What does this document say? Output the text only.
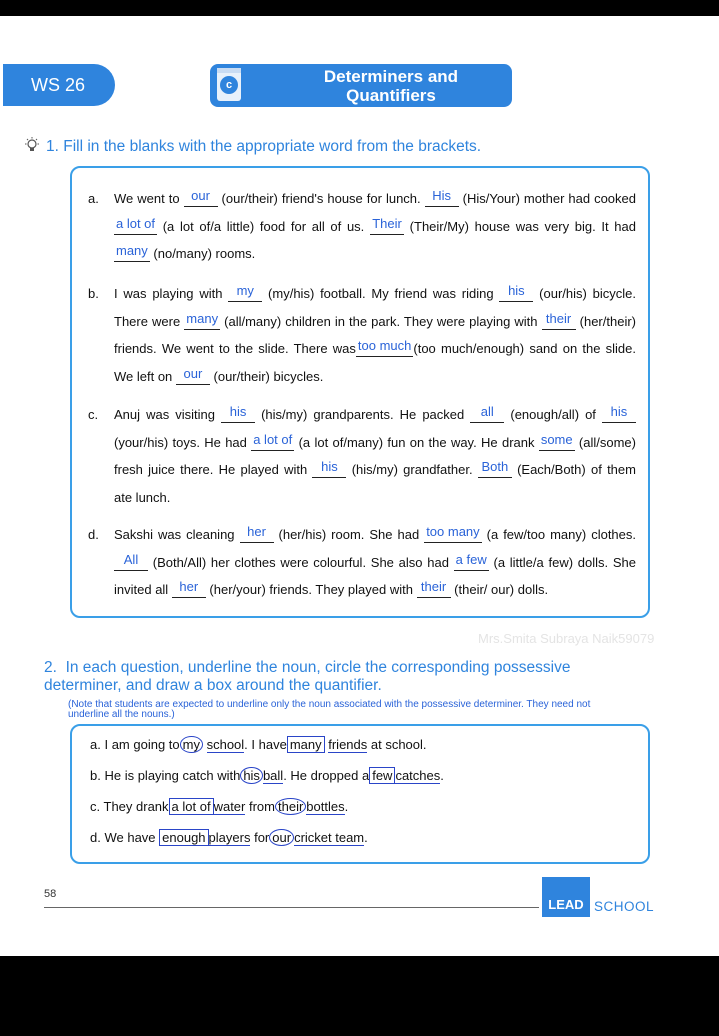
WS 26	c	Determiners and
Quantifiers
1. Fill in the blanks with the appropriate word from the brackets.
a. We went to our (our/their) friend's house for lunch. His (His/Your) mother had cooked a lot of (a lot of/a little) food for all of us. Their (Their/My) house was very big. It had many (no/many) rooms.
b. I was playing with my (my/his) football. My friend was riding his (our/his) bicycle. There were many (all/many) children in the park. They were playing with their (her/their) friends. We went to the slide. There was too much (too much/enough) sand on the slide. We left on our (our/their) bicycles.
c. Anuj was visiting his (his/my) grandparents. He packed all (enough/all) of his(your/his) toys. He had a lot of (a lot of/many) fun on the way. He drank some (all/some) fresh juice there. He played with his (his/my) grandfather. Both (Each/Both) of them ate lunch.
d. Sakshi was cleaning her (her/his) room. She had too many (a few/too many) clothes. All (Both/All) her clothes were colourful. She also had a few (a little/a few) dolls. She invited all her (her/your) friends. They played with their (their/ our) dolls.
Mrs.Smita Subraya Naik59079
2. In each question, underline the noun, circle the corresponding possessive determiner, and draw a box around the quantifier.
(Note that students are expected to underline only the noun associated with the possessive determiner. They need not underline all the nouns.)
a. I am going to my school. I have many friends at school.
b. He is playing catch with his ball. He dropped a few catches.
c. They drank a lot of water from their bottles.
d. We have enough players for our cricket team.
58
LEAD SCHOOL
